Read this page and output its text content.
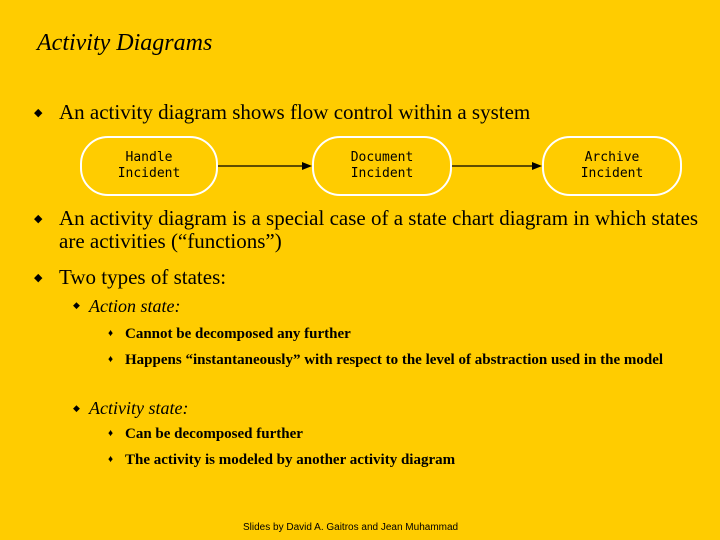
Activity Diagrams
◆ An activity diagram shows flow control within a system
Handle
Incident
Document
Incident
Archive
Incident
◆ An activity diagram is a special case of a state chart diagram in which states are activities (“functions”)
◆ Two types of states:
◆ Action state:
♦ Cannot be decomposed any further
♦ Happens “instantaneously” with respect to the level of abstraction used in the model
◆ Activity state:
♦ Can be decomposed further
♦ The activity is modeled by another activity diagram
Slides by David A. Gaitros and Jean Muhammad
